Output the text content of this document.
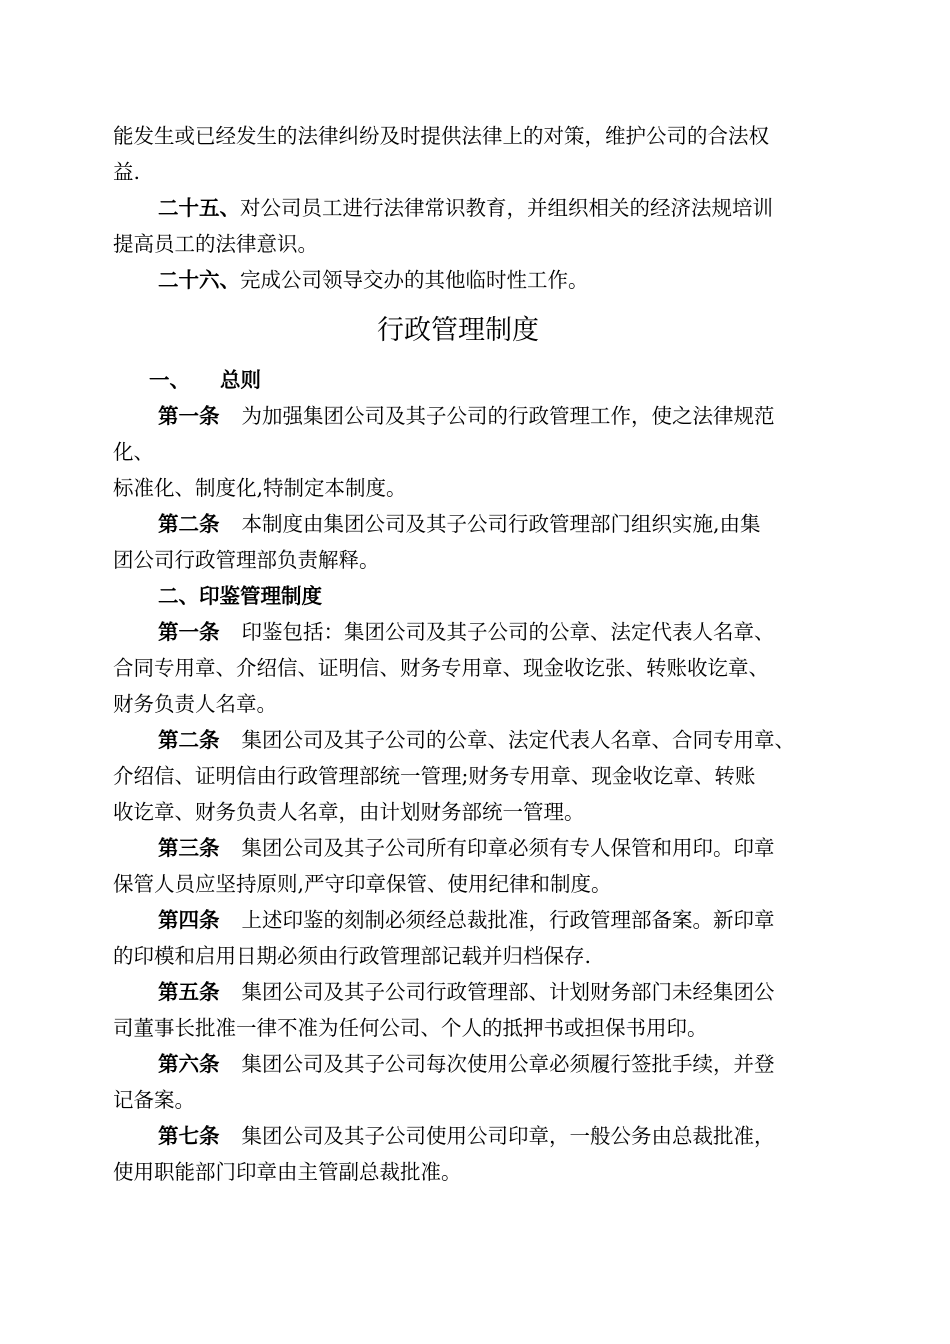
能发生或已经发生的法律纠纷及时提供法律上的对策，维护公司的合法权

益.

二十五、对公司员工进行法律常识教育，并组织相关的经济法规培训

提高员工的法律意识。

二十六、完成公司领导交办的其他临时性工作。

行政管理制度

一、 总则

第一条 为加强集团公司及其子公司的行政管理工作，使之法律规范

化、

标准化、制度化,特制定本制度。

第二条 本制度由集团公司及其子公司行政管理部门组织实施,由集

团公司行政管理部负责解释。

二、印鉴管理制度

第一条 印鉴包括：集团公司及其子公司的公章、法定代表人名章、

合同专用章、介绍信、证明信、财务专用章、现金收讫张、转账收讫章、

财务负责人名章。

第二条 集团公司及其子公司的公章、法定代表人名章、合同专用章、

介绍信、证明信由行政管理部统一管理;财务专用章、现金收讫章、转账

收讫章、财务负责人名章，由计划财务部统一管理。

第三条 集团公司及其子公司所有印章必须有专人保管和用印。印章

保管人员应坚持原则,严守印章保管、使用纪律和制度。

第四条 上述印鉴的刻制必须经总裁批准，行政管理部备案。新印章

的印模和启用日期必须由行政管理部记载并归档保存.

第五条 集团公司及其子公司行政管理部、计划财务部门未经集团公

司董事长批准一律不准为任何公司、个人的抵押书或担保书用印。

第六条 集团公司及其子公司每次使用公章必须履行签批手续，并登

记备案。

第七条 集团公司及其子公司使用公司印章，一般公务由总裁批准，

使用职能部门印章由主管副总裁批准。
